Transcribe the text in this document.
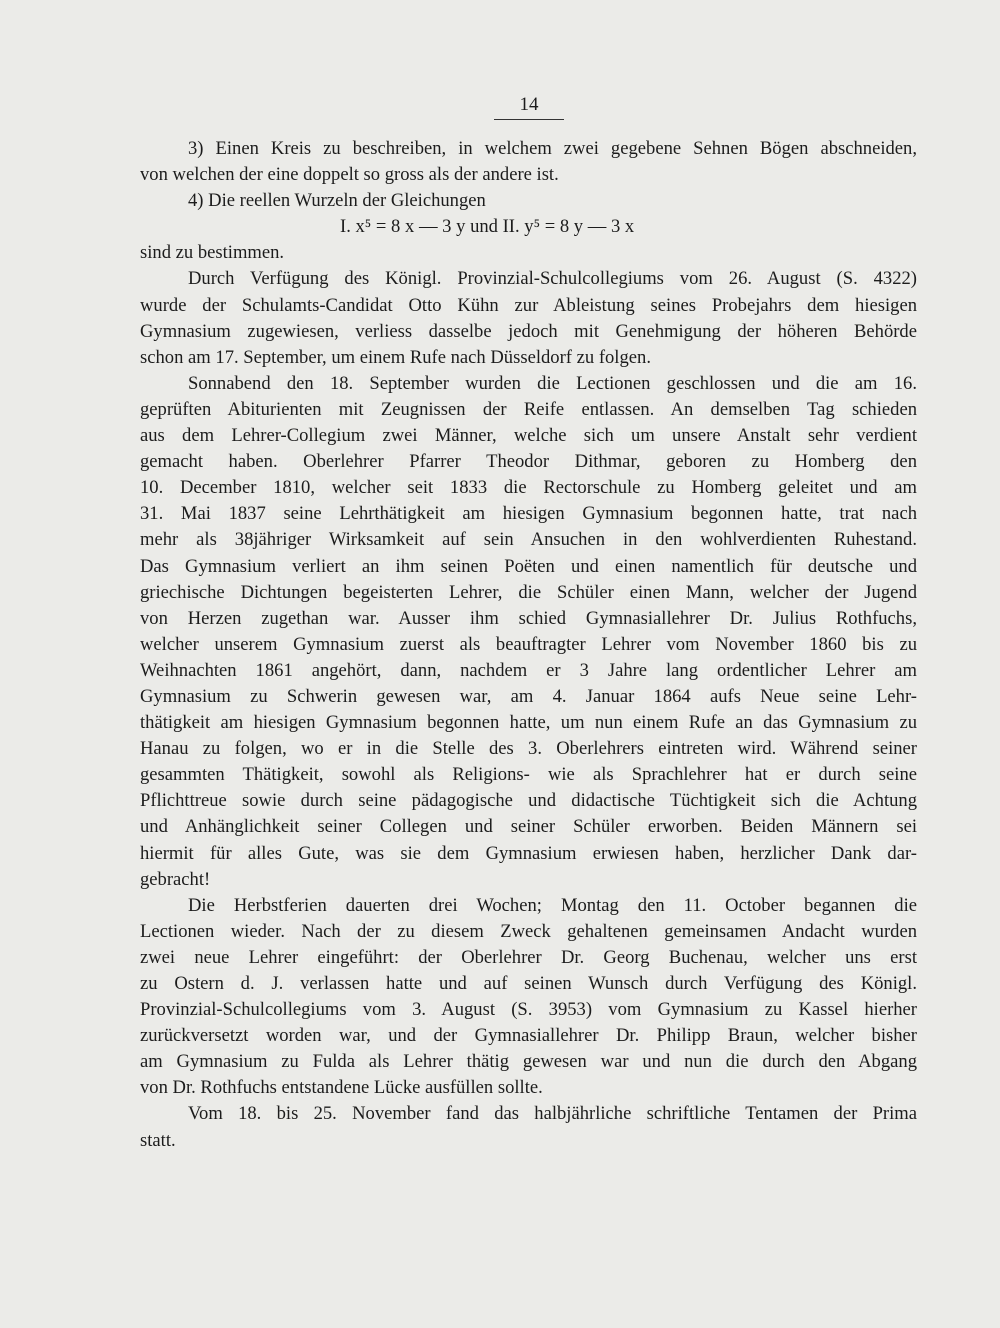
14
3) Einen Kreis zu beschreiben, in welchem zwei gegebene Sehnen Bögen abschneiden,
von welchen der eine doppelt so gross als der andere ist.
4) Die reellen Wurzeln der Gleichungen
I. x⁵ = 8 x — 3 y und II. y⁵ = 8 y — 3 x
sind zu bestimmen.
Durch Verfügung des Königl. Provinzial-Schulcollegiums vom 26. August (S. 4322)
wurde der Schulamts-Candidat Otto Kühn zur Ableistung seines Probejahrs dem hiesigen
Gymnasium zugewiesen, verliess dasselbe jedoch mit Genehmigung der höheren Behörde
schon am 17. September, um einem Rufe nach Düsseldorf zu folgen.
Sonnabend den 18. September wurden die Lectionen geschlossen und die am 16.
geprüften Abiturienten mit Zeugnissen der Reife entlassen. An demselben Tag schieden
aus dem Lehrer-Collegium zwei Männer, welche sich um unsere Anstalt sehr verdient
gemacht haben. Oberlehrer Pfarrer Theodor Dithmar, geboren zu Homberg den
10. December 1810, welcher seit 1833 die Rectorschule zu Homberg geleitet und am
31. Mai 1837 seine Lehrthätigkeit am hiesigen Gymnasium begonnen hatte, trat nach
mehr als 38jähriger Wirksamkeit auf sein Ansuchen in den wohlverdienten Ruhestand.
Das Gymnasium verliert an ihm seinen Poëten und einen namentlich für deutsche und
griechische Dichtungen begeisterten Lehrer, die Schüler einen Mann, welcher der Jugend
von Herzen zugethan war. Ausser ihm schied Gymnasiallehrer Dr. Julius Rothfuchs,
welcher unserem Gymnasium zuerst als beauftragter Lehrer vom November 1860 bis zu
Weihnachten 1861 angehört, dann, nachdem er 3 Jahre lang ordentlicher Lehrer am
Gymnasium zu Schwerin gewesen war, am 4. Januar 1864 aufs Neue seine Lehr-
thätigkeit am hiesigen Gymnasium begonnen hatte, um nun einem Rufe an das Gymnasium zu
Hanau zu folgen, wo er in die Stelle des 3. Oberlehrers eintreten wird. Während seiner
gesammten Thätigkeit, sowohl als Religions- wie als Sprachlehrer hat er durch seine
Pflichttreue sowie durch seine pädagogische und didactische Tüchtigkeit sich die Achtung
und Anhänglichkeit seiner Collegen und seiner Schüler erworben. Beiden Männern sei
hiermit für alles Gute, was sie dem Gymnasium erwiesen haben, herzlicher Dank dar-
gebracht!
Die Herbstferien dauerten drei Wochen; Montag den 11. October begannen die
Lectionen wieder. Nach der zu diesem Zweck gehaltenen gemeinsamen Andacht wurden
zwei neue Lehrer eingeführt: der Oberlehrer Dr. Georg Buchenau, welcher uns erst
zu Ostern d. J. verlassen hatte und auf seinen Wunsch durch Verfügung des Königl.
Provinzial-Schulcollegiums vom 3. August (S. 3953) vom Gymnasium zu Kassel hierher
zurückversetzt worden war, und der Gymnasiallehrer Dr. Philipp Braun, welcher bisher
am Gymnasium zu Fulda als Lehrer thätig gewesen war und nun die durch den Abgang
von Dr. Rothfuchs entstandene Lücke ausfüllen sollte.
Vom 18. bis 25. November fand das halbjährliche schriftliche Tentamen der Prima
statt.
